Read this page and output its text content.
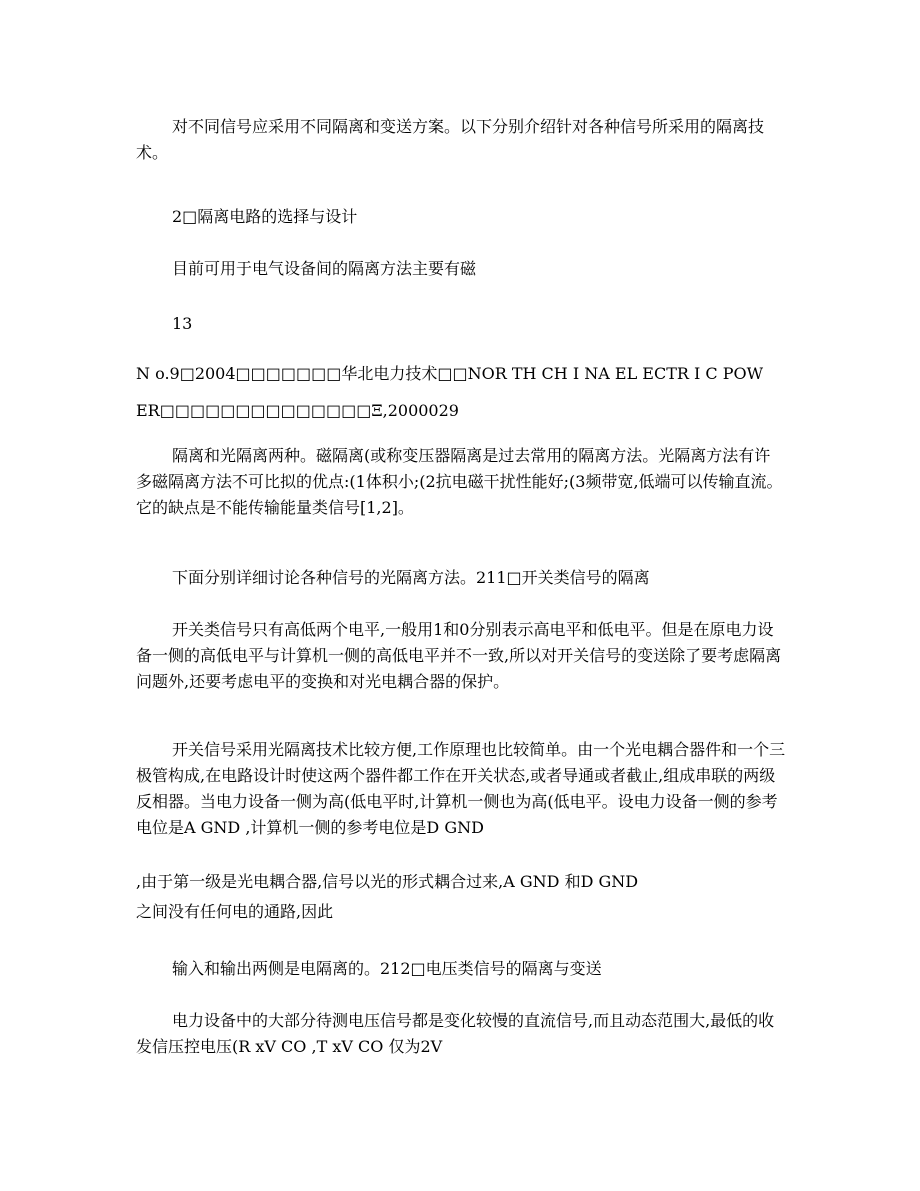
对不同信号应采用不同隔离和变送方案。以下分别介绍针对各种信号所采用的隔离技术。

2□隔离电路的选择与设计

目前可用于电气设备间的隔离方法主要有磁

13

N o.9□2004□□□□□□□华北电力技术□□NOR TH CH I NA EL ECTR I C POW

ER□□□□□□□□□□□□□□Ξ,2000029

隔离和光隔离两种。磁隔离(或称变压器隔离是过去常用的隔离方法。光隔离方法有许多磁隔离方法不可比拟的优点:(1体积小;(2抗电磁干扰性能好;(3频带宽,低端可以传输直流。它的缺点是不能传输能量类信号[1,2]。

下面分别详细讨论各种信号的光隔离方法。211□开关类信号的隔离

开关类信号只有高低两个电平,一般用1和0分别表示高电平和低电平。但是在原电力设备一侧的高低电平与计算机一侧的高低电平并不一致,所以对开关信号的变送除了要考虑隔离问题外,还要考虑电平的变换和对光电耦合器的保护。

开关信号采用光隔离技术比较方便,工作原理也比较简单。由一个光电耦合器件和一个三极管构成,在电路设计时使这两个器件都工作在开关状态,或者导通或者截止,组成串联的两级反相器。当电力设备一侧为高(低电平时,计算机一侧也为高(低电平。设电力设备一侧的参考电位是A GND ,计算机一侧的参考电位是D GND

,由于第一级是光电耦合器,信号以光的形式耦合过来,A GND 和D GND

之间没有任何电的通路,因此

输入和输出两侧是电隔离的。212□电压类信号的隔离与变送

电力设备中的大部分待测电压信号都是变化较慢的直流信号,而且动态范围大,最低的收发信压控电压(R xV CO ,T xV CO 仅为2V
